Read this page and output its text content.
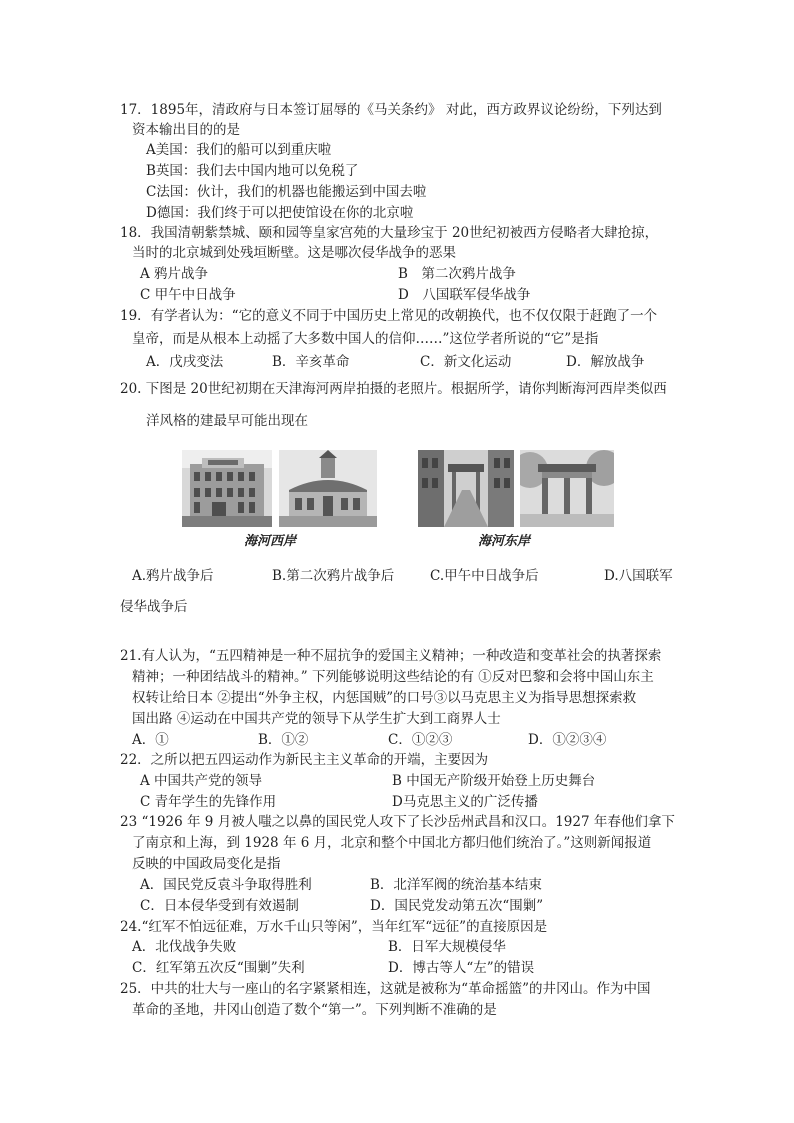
17．1895年，清政府与日本签订屈辱的《马关条约》 对此，西方政界议论纷纷，下列达到
资本输出目的的是
A美国：我们的船可以到重庆啦
B英国：我们去中国内地可以免税了
C法国：伙计，我们的机器也能搬运到中国去啦
D德国：我们终于可以把使馆设在你的北京啦
18．我国清朝紫禁城、颐和园等皇家宫苑的大量珍宝于 20世纪初被西方侵略者大肆抢掠，
当时的北京城到处残垣断壁。这是哪次侵华战争的恶果
A 鸦片战争	B　第二次鸦片战争
C 甲午中日战争	D　八国联军侵华战争
19．有学者认为：“它的意义不同于中国历史上常见的改朝换代，也不仅仅限于赶跑了一个
皇帝，而是从根本上动摇了大多数中国人的信仰……”这位学者所说的“它”是指
A．戊戌变法	B．辛亥革命	C．新文化运动	D．解放战争
20. 下图是 20世纪初期在天津海河两岸拍摄的老照片。根据所学，请你判断海河西岸类似西
洋风格的建最早可能出现在
海河西岸	海河东岸
A.鸦片战争后	B.第二次鸦片战争后	C.甲午中日战争后	D.八国联军
侵华战争后
21.有人认为，“五四精神是一种不屈抗争的爱国主义精神；一种改造和变革社会的执著探索
精神；一种团结战斗的精神。” 下列能够说明这些结论的有 ①反对巴黎和会将中国山东主
权转让给日本 ②提出“外争主权，内惩国贼”的口号③以马克思主义为指导思想探索救
国出路 ④运动在中国共产党的领导下从学生扩大到工商界人士
A．①	B．①②	C．①②③	D．①②③④
22．之所以把五四运动作为新民主主义革命的开端，主要因为
A 中国共产党的领导	B 中国无产阶级开始登上历史舞台
C 青年学生的先锋作用	D马克思主义的广泛传播
23 “1926 年 9 月被人嗤之以鼻的国民党人攻下了长沙岳州武昌和汉口。1927 年春他们拿下
了南京和上海，到 1928 年 6 月，北京和整个中国北方都归他们统治了。”这则新闻报道
反映的中国政局变化是指
A．国民党反袁斗争取得胜利	B．北洋军阀的统治基本结束
C．日本侵华受到有效遏制	D．国民党发动第五次“围剿”
24.“红军不怕远征难，万水千山只等闲”，当年红军“远征”的直接原因是
A．北伐战争失败	B．日军大规模侵华
C．红军第五次反“围剿”失利	D．博古等人“左”的错误
25．中共的壮大与一座山的名字紧紧相连，这就是被称为“革命摇篮”的井冈山。作为中国
革命的圣地，井冈山创造了数个“第一”。下列判断不准确的是
